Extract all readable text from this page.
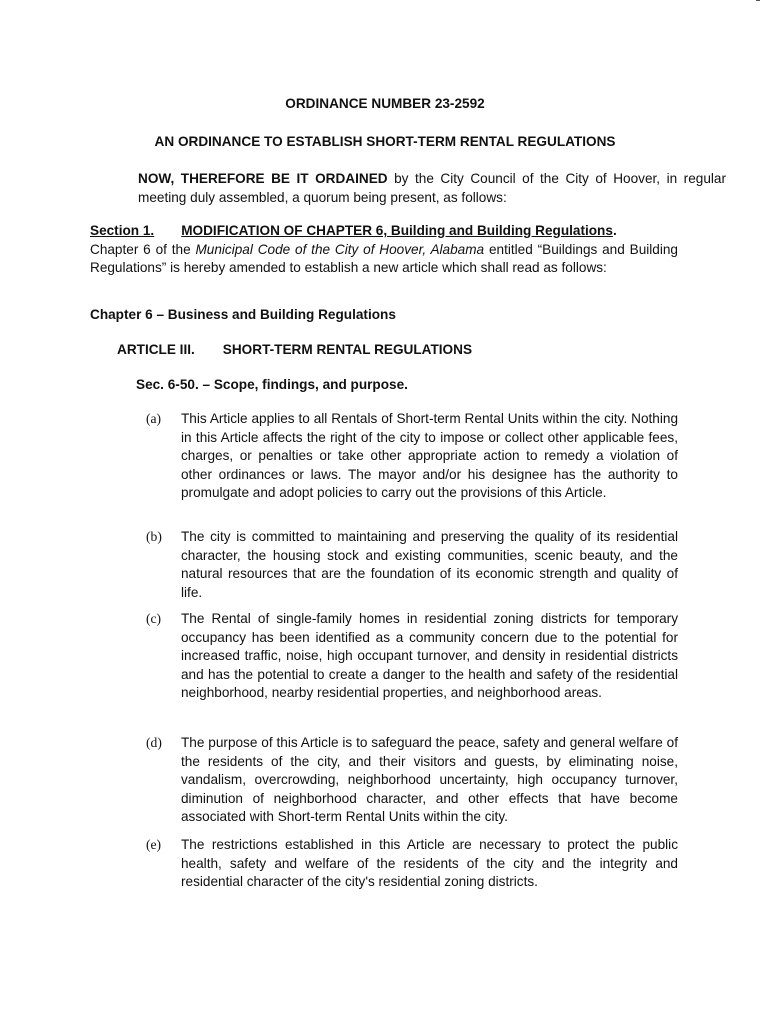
ORDINANCE NUMBER 23-2592
AN ORDINANCE TO ESTABLISH SHORT-TERM RENTAL REGULATIONS
NOW, THEREFORE BE IT ORDAINED by the City Council of the City of Hoover, in regular meeting duly assembled, a quorum being present, as follows:
Section 1. MODIFICATION OF CHAPTER 6, Building and Building Regulations.
Chapter 6 of the Municipal Code of the City of Hoover, Alabama entitled “Buildings and Building Regulations” is hereby amended to establish a new article which shall read as follows:
Chapter 6 – Business and Building Regulations
ARTICLE III. SHORT-TERM RENTAL REGULATIONS
Sec. 6-50. – Scope, findings, and purpose.
(a) This Article applies to all Rentals of Short-term Rental Units within the city. Nothing in this Article affects the right of the city to impose or collect other applicable fees, charges, or penalties or take other appropriate action to remedy a violation of other ordinances or laws. The mayor and/or his designee has the authority to promulgate and adopt policies to carry out the provisions of this Article.
(b) The city is committed to maintaining and preserving the quality of its residential character, the housing stock and existing communities, scenic beauty, and the natural resources that are the foundation of its economic strength and quality of life.
(c) The Rental of single-family homes in residential zoning districts for temporary occupancy has been identified as a community concern due to the potential for increased traffic, noise, high occupant turnover, and density in residential districts and has the potential to create a danger to the health and safety of the residential neighborhood, nearby residential properties, and neighborhood areas.
(d) The purpose of this Article is to safeguard the peace, safety and general welfare of the residents of the city, and their visitors and guests, by eliminating noise, vandalism, overcrowding, neighborhood uncertainty, high occupancy turnover, diminution of neighborhood character, and other effects that have become associated with Short-term Rental Units within the city.
(e) The restrictions established in this Article are necessary to protect the public health, safety and welfare of the residents of the city and the integrity and residential character of the city's residential zoning districts.
